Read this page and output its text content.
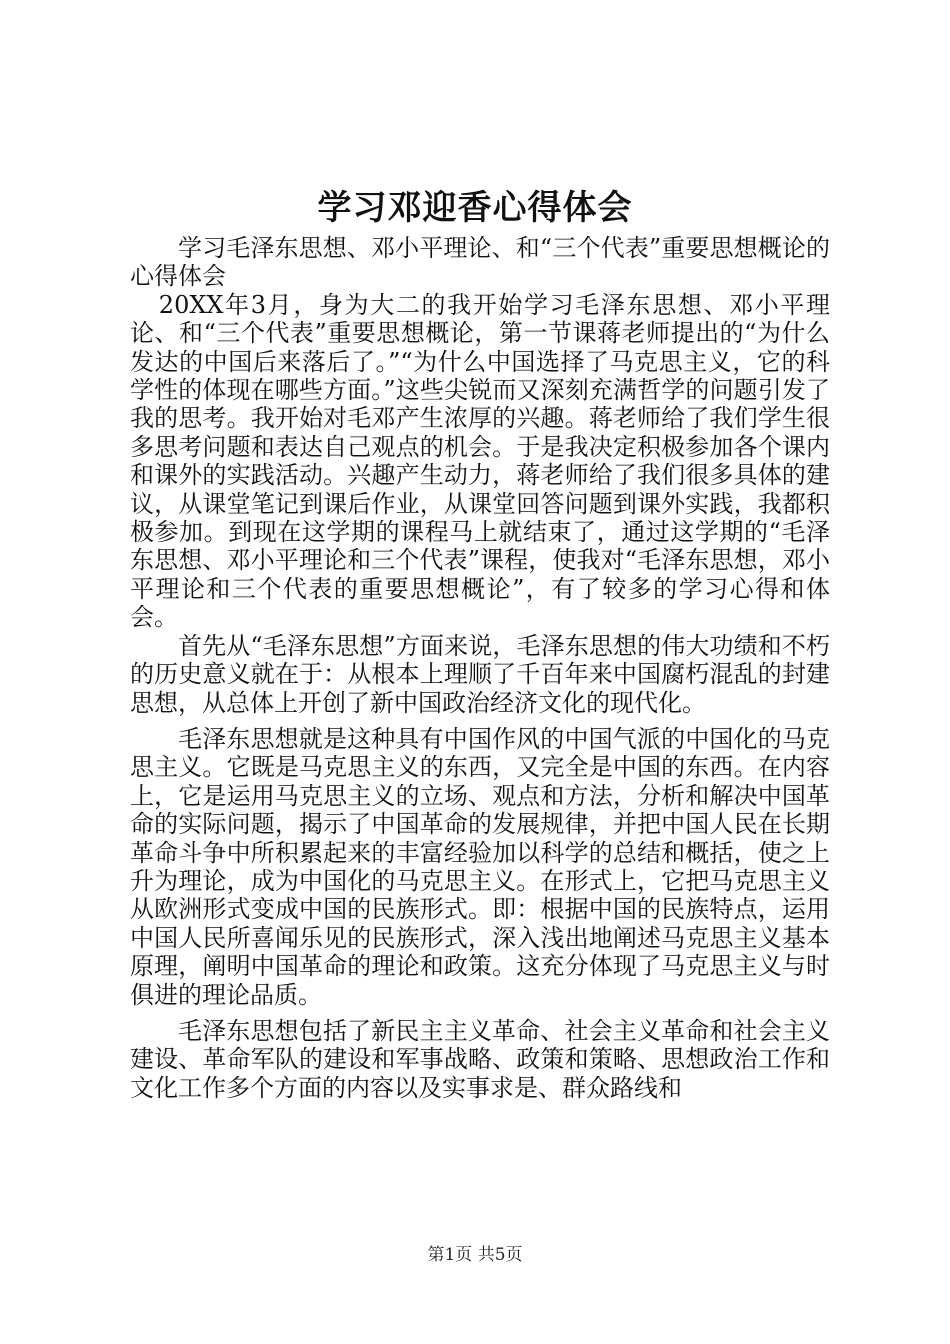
学习邓迎香心得体会

学习毛泽东思想、邓小平理论、和“三个代表”重要思想概论的心得体会

20XX年3月，身为大二的我开始学习毛泽东思想、邓小平理论、和“三个代表”重要思想概论，第一节课蒋老师提出的“为什么发达的中国后来落后了。”“为什么中国选择了马克思主义，它的科学性的体现在哪些方面。”这些尖锐而又深刻充满哲学的问题引发了我的思考。我开始对毛邓产生浓厚的兴趣。蒋老师给了我们学生很多思考问题和表达自己观点的机会。于是我决定积极参加各个课内和课外的实践活动。兴趣产生动力，蒋老师给了我们很多具体的建议，从课堂笔记到课后作业，从课堂回答问题到课外实践，我都积极参加。到现在这学期的课程马上就结束了，通过这学期的“毛泽东思想、邓小平理论和三个代表”课程，使我对“毛泽东思想，邓小平理论和三个代表的重要思想概论”，有了较多的学习心得和体会。

首先从“毛泽东思想”方面来说，毛泽东思想的伟大功绩和不朽的历史意义就在于：从根本上理顺了千百年来中国腐朽混乱的封建思想，从总体上开创了新中国政治经济文化的现代化。

毛泽东思想就是这种具有中国作风的中国气派的中国化的马克思主义。它既是马克思主义的东西，又完全是中国的东西。在内容上，它是运用马克思主义的立场、观点和方法，分析和解决中国革命的实际问题，揭示了中国革命的发展规律，并把中国人民在长期革命斗争中所积累起来的丰富经验加以科学的总结和概括，使之上升为理论，成为中国化的马克思主义。在形式上，它把马克思主义从欧洲形式变成中国的民族形式。即：根据中国的民族特点，运用中国人民所喜闻乐见的民族形式，深入浅出地阐述马克思主义基本原理，阐明中国革命的理论和政策。这充分体现了马克思主义与时俱进的理论品质。

毛泽东思想包括了新民主主义革命、社会主义革命和社会主义建设、革命军队的建设和军事战略、政策和策略、思想政治工作和文化工作多个方面的内容以及实事求是、群众路线和

第1页 共5页
